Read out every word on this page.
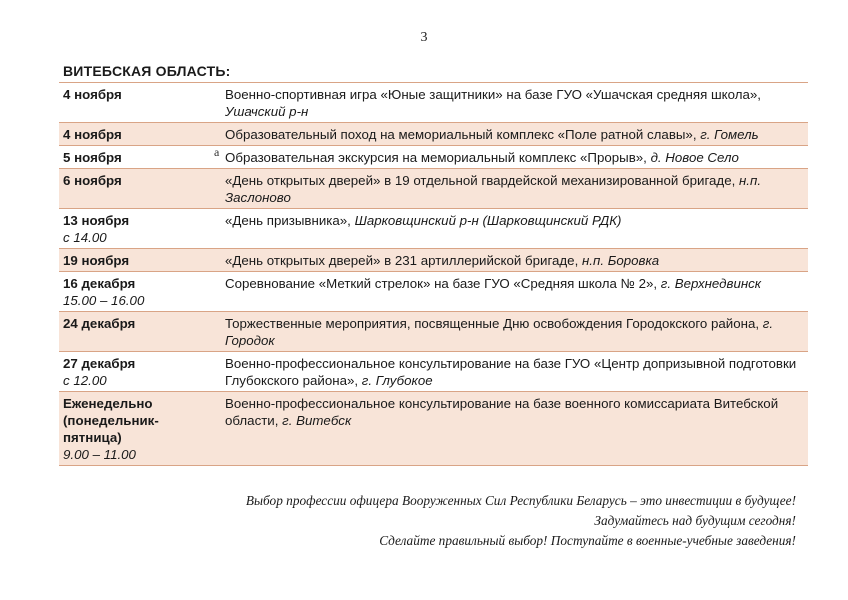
3
ВИТЕБСКАЯ ОБЛАСТЬ:
4 ноября	Военно-спортивная игра «Юные защитники» на базе ГУО «Ушачская средняя школа», Ушачский р-н

4 ноября	Образовательный поход на мемориальный комплекс «Поле ратной славы», г. Гомель

5 ноября	Образовательная экскурсия на мемориальный комплекс «Прорыв», д. Новое Село

6 ноября	«День открытых дверей» в 19 отдельной гвардейской механизированной бригаде, н.п. Заслоново

13 ноября
с 14.00	«День призывника», Шарковщинский р-н (Шарковщинский РДК)

19 ноября	«День открытых дверей» в 231 артиллерийской бригаде, н.п. Боровка

16 декабря
15.00 – 16.00	Соревнование «Меткий стрелок» на базе ГУО «Средняя школа № 2», г. Верхнедвинск

24 декабря	Торжественные мероприятия, посвященные Дню освобождения Городокского района, г. Городок

27 декабря
с 12.00	Военно-профессиональное консультирование на базе ГУО «Центр допризывной подготовки Глубокского района», г. Глубокое

Еженедельно (понедельник-пятница)
9.00 – 11.00	Военно-профессиональное консультирование на базе военного комиссариата Витебской области, г. Витебск
a
Выбор профессии офицера Вооруженных Сил Республики Беларусь – это инвестиции в будущее!
Задумайтесь над будущим сегодня!
Сделайте правильный выбор! Поступайте в военные-учебные заведения!
